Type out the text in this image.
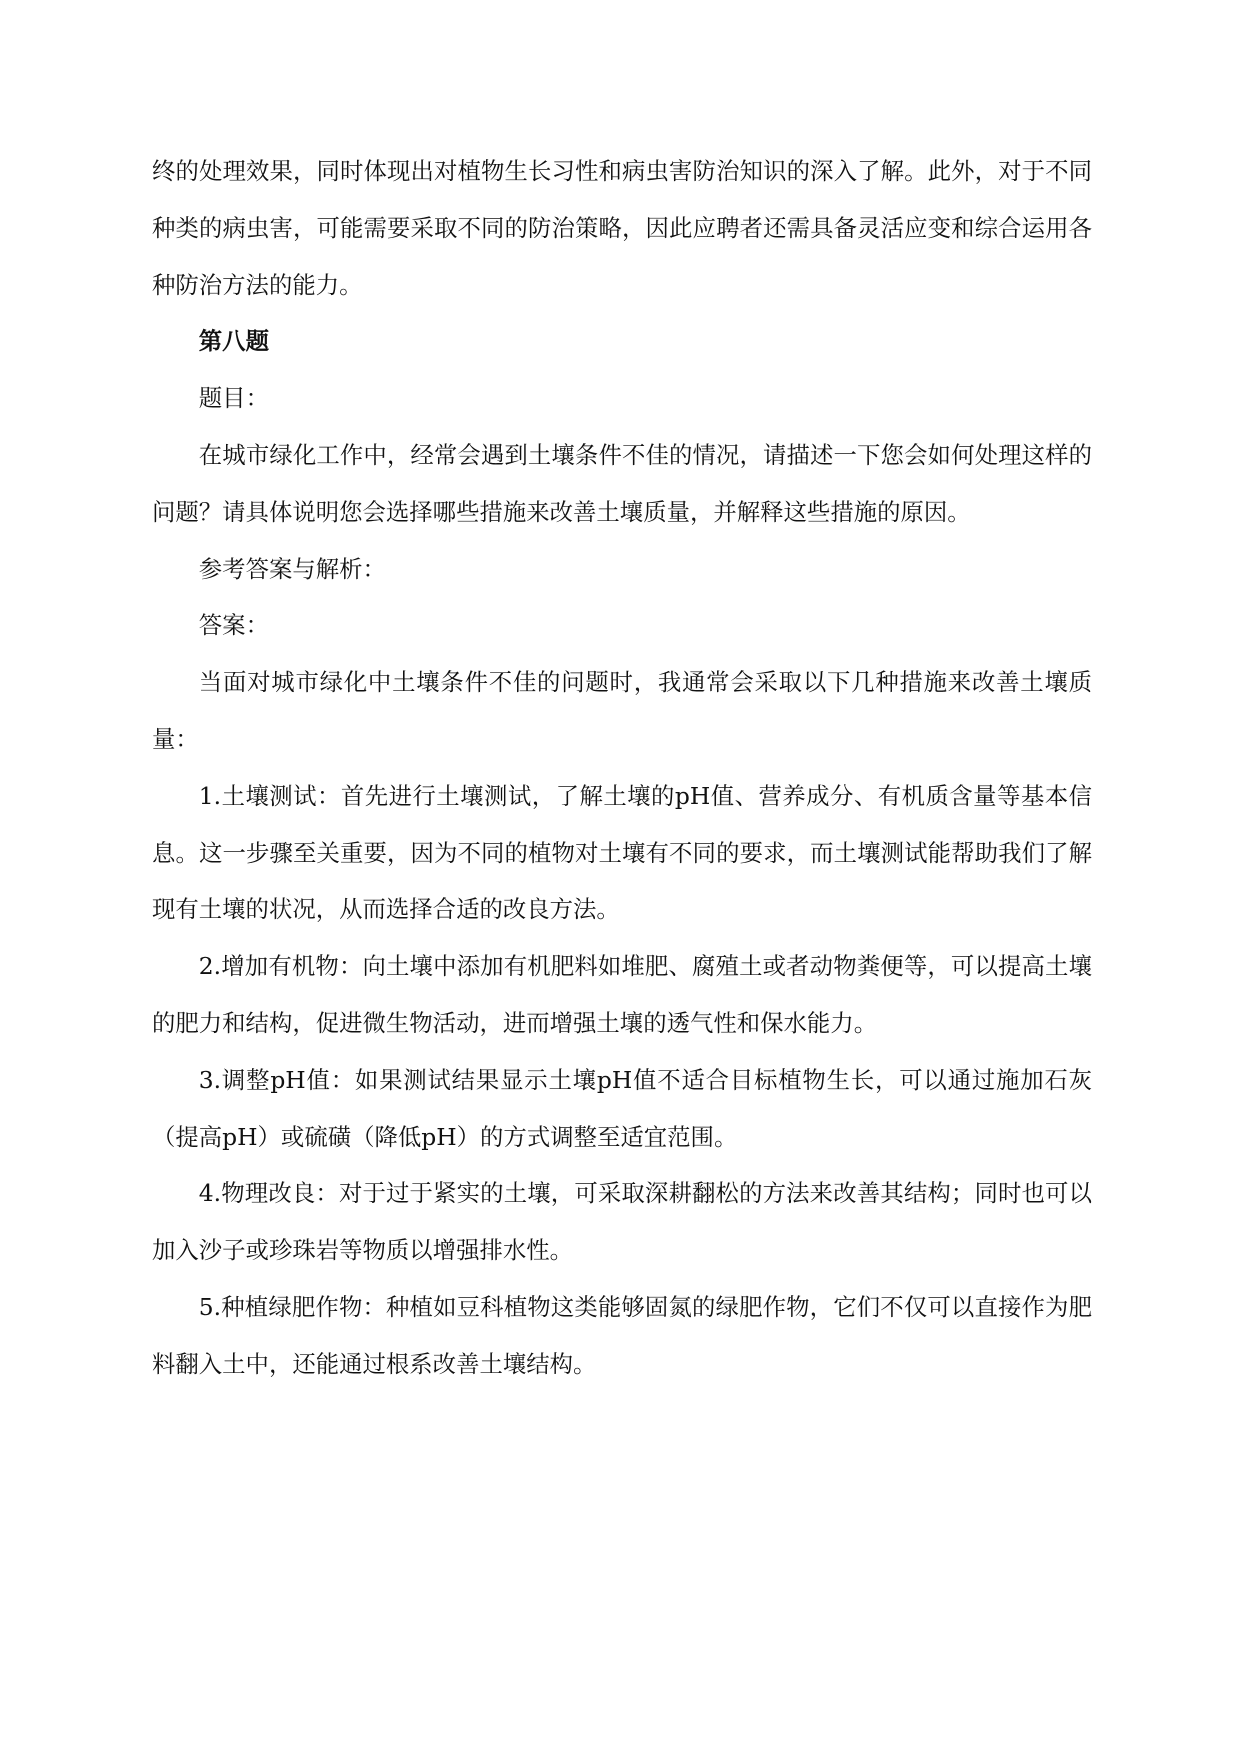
终的处理效果，同时体现出对植物生长习性和病虫害防治知识的深入了解。此外，对于不同种类的病虫害，可能需要采取不同的防治策略，因此应聘者还需具备灵活应变和综合运用各种防治方法的能力。

第八题

题目：

在城市绿化工作中，经常会遇到土壤条件不佳的情况，请描述一下您会如何处理这样的问题？请具体说明您会选择哪些措施来改善土壤质量，并解释这些措施的原因。

参考答案与解析：

答案：

当面对城市绿化中土壤条件不佳的问题时，我通常会采取以下几种措施来改善土壤质量：

1.土壤测试：首先进行土壤测试，了解土壤的pH值、营养成分、有机质含量等基本信息。这一步骤至关重要，因为不同的植物对土壤有不同的要求，而土壤测试能帮助我们了解现有土壤的状况，从而选择合适的改良方法。

2.增加有机物：向土壤中添加有机肥料如堆肥、腐殖土或者动物粪便等，可以提高土壤的肥力和结构，促进微生物活动，进而增强土壤的透气性和保水能力。

3.调整pH值：如果测试结果显示土壤pH值不适合目标植物生长，可以通过施加石灰（提高pH）或硫磺（降低pH）的方式调整至适宜范围。

4.物理改良：对于过于紧实的土壤，可采取深耕翻松的方法来改善其结构；同时也可以加入沙子或珍珠岩等物质以增强排水性。

5.种植绿肥作物：种植如豆科植物这类能够固氮的绿肥作物，它们不仅可以直接作为肥料翻入土中，还能通过根系改善土壤结构。
